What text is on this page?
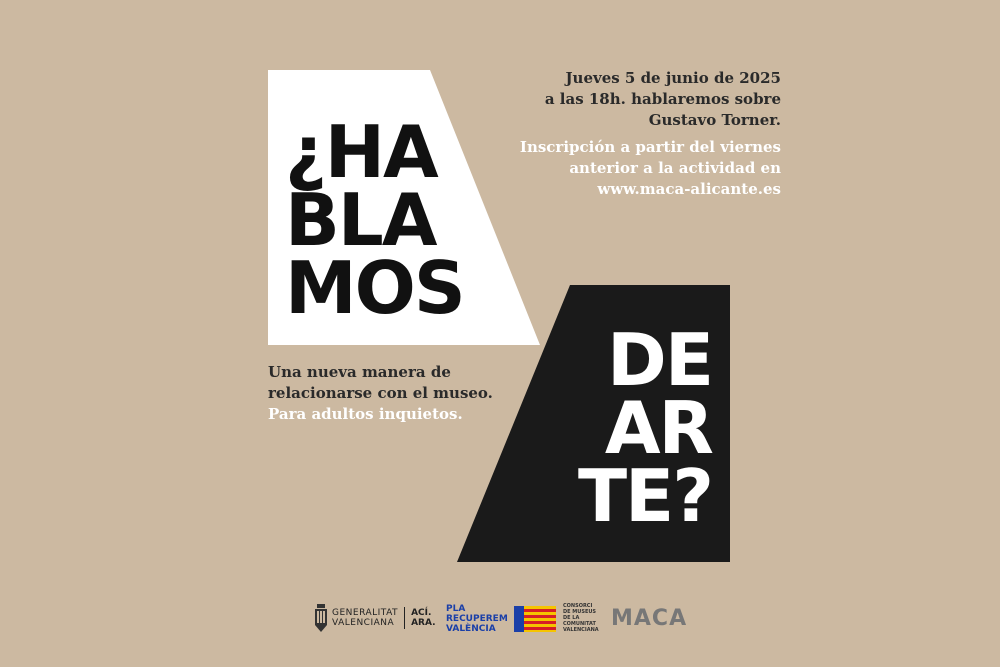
¿HA
BLA
MOS
DE
AR
TE?
Jueves 5 de junio de 2025
a las 18h. hablaremos sobre
Gustavo Torner.
Inscripción a partir del viernes
anterior a la actividad en
www.maca-alicante.es
Una nueva manera de
relacionarse con el museo.
Para adultos inquietos.
GENERALITAT
VALENCIANA
ACÍ.
ARA.
PLA
RECUPEREM
VALÈNCIA
CONSORCI
DE MUSEUS
DE LA
COMUNITAT
VALENCIANA MACA
